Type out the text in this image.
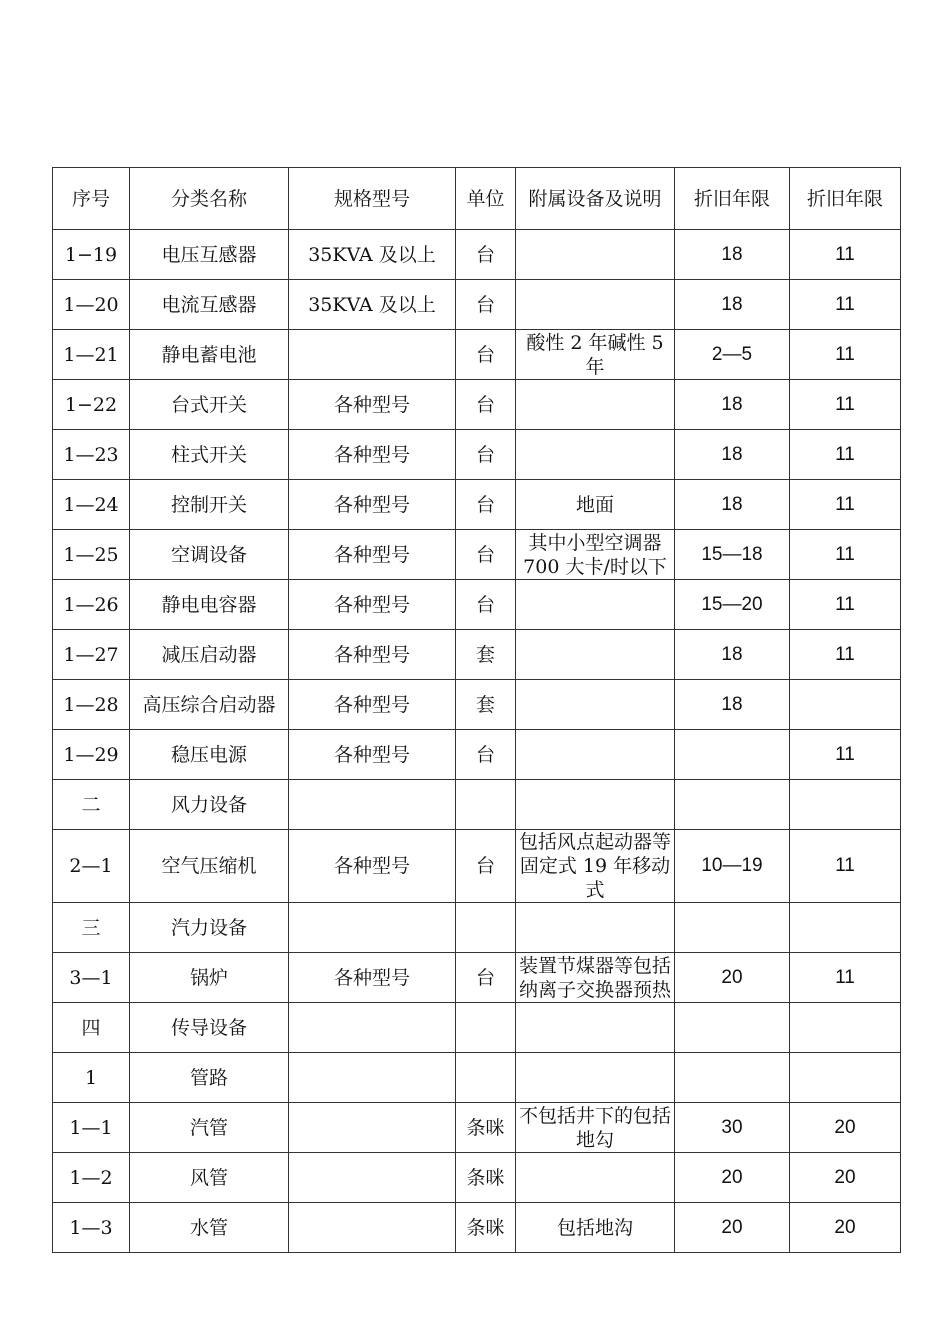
序号	分类名称	规格型号	单位	附属设备及说明	折旧年限	折旧年限
1−19	电压互感器	35KVA 及以上	台		18	11
1—20	电流互感器	35KVA 及以上	台		18	11
1—21	静电蓄电池		台	酸性 2 年碱性 5 年	2—5	11
1−22	台式开关	各种型号	台		18	11
1—23	柱式开关	各种型号	台		18	11
1—24	控制开关	各种型号	台	地面	18	11
1—25	空调设备	各种型号	台	其中小型空调器 700 大卡/时以下	15—18	11
1—26	静电电容器	各种型号	台		15—20	11
1—27	减压启动器	各种型号	套		18	11
1—28	高压综合启动器	各种型号	套		18	
1—29	稳压电源	各种型号	台			11
二	风力设备					
2—1	空气压缩机	各种型号	台	包括风点起动器等固定式 19 年移动式	10—19	11
三	汽力设备					
3—1	锅炉	各种型号	台	装置节煤器等包括纳离子交换器预热	20	11
四	传导设备					
1	管路					
1—1	汽管		条咪	不包括井下的包括地勾	30	20
1—2	风管		条咪		20	20
1—3	水管		条咪	包括地沟	20	20
